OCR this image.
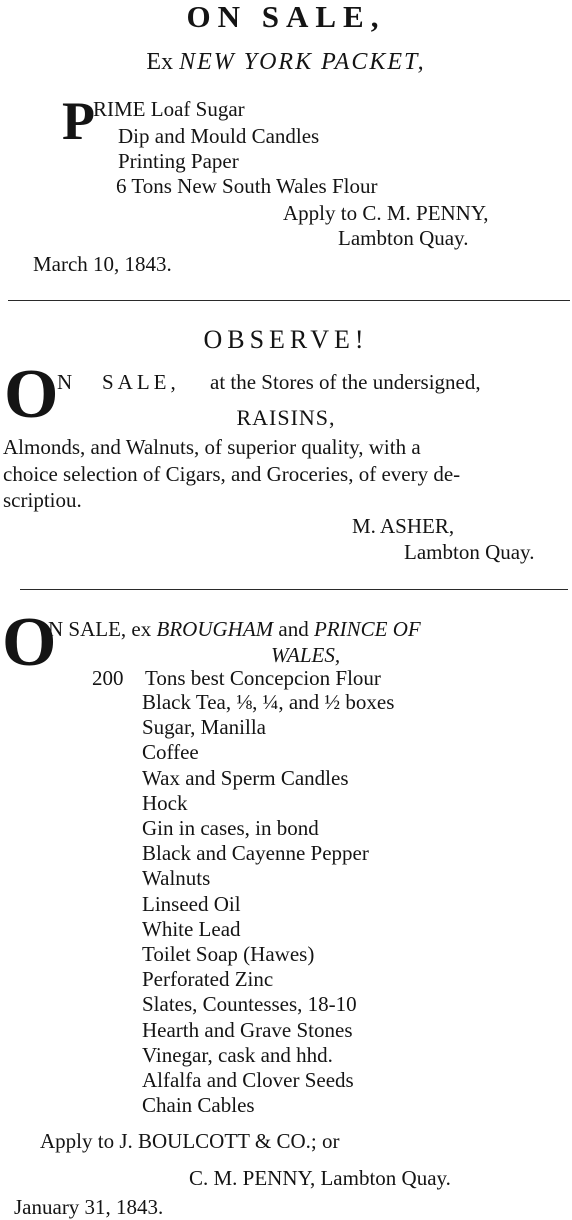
ON SALE,
Ex NEW YORK PACKET,
P
RIME Loaf Sugar
Dip and Mould Candles
Printing Paper
6 Tons New South Wales Flour
Apply to C. M. PENNY,
Lambton Quay.
March 10, 1843.
OBSERVE!
O
N SALE, at the Stores of the undersigned,
RAISINS,
Almonds, and Walnuts, of superior quality, with a
choice selection of Cigars, and Groceries, of every de-
scriptiou.
M. ASHER,
Lambton Quay.
O
N SALE, ex BROUGHAM and PRINCE OF
WALES,
200 Tons best Concepcion Flour
Black Tea, ⅛, ¼, and ½ boxes
Sugar, Manilla
Coffee
Wax and Sperm Candles
Hock
Gin in cases, in bond
Black and Cayenne Pepper
Walnuts
Linseed Oil
White Lead
Toilet Soap (Hawes)
Perforated Zinc
Slates, Countesses, 18-10
Hearth and Grave Stones
Vinegar, cask and hhd.
Alfalfa and Clover Seeds
Chain Cables
Apply to J. BOULCOTT & CO.; or
C. M. PENNY, Lambton Quay.
January 31, 1843.
